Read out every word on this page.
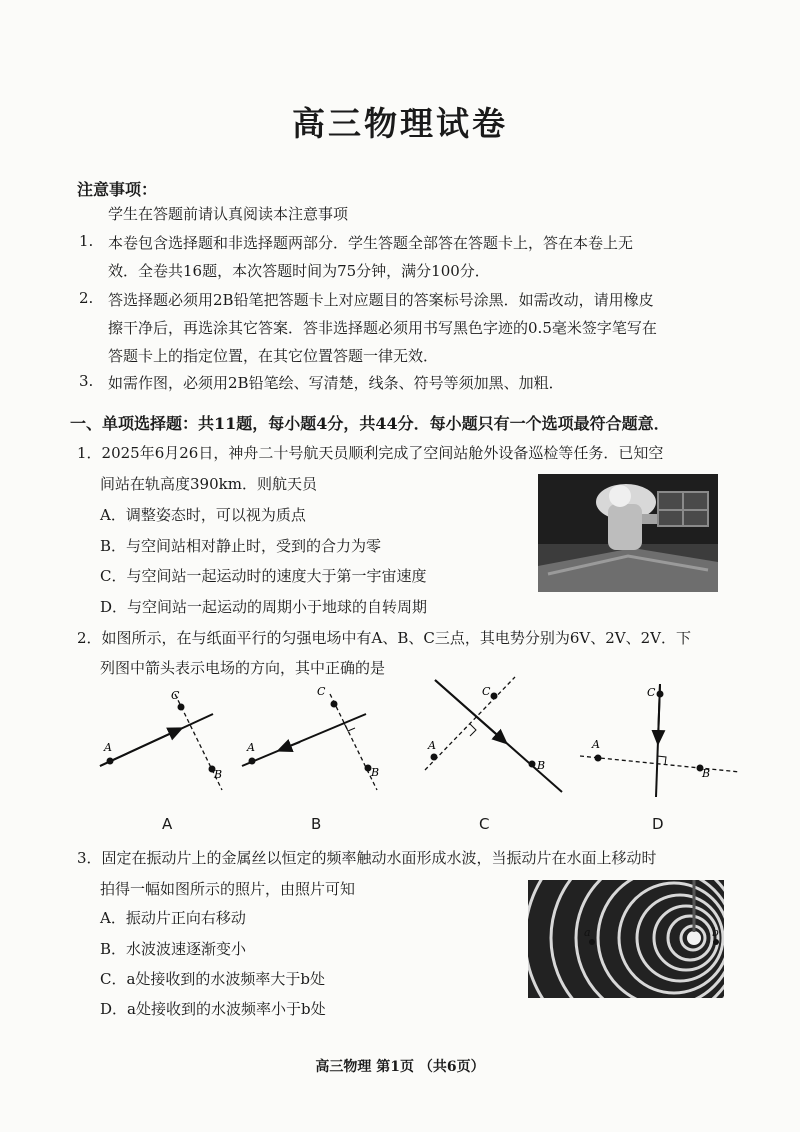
高三物理试卷
注意事项：
学生在答题前请认真阅读本注意事项
1. 本卷包含选择题和非选择题两部分．学生答题全部答在答题卡上，答在本卷上无
效．全卷共16题，本次答题时间为75分钟，满分100分．
2. 答选择题必须用2B铅笔把答题卡上对应题目的答案标号涂黑．如需改动，请用橡皮
擦干净后，再选涂其它答案．答非选择题必须用书写黑色字迹的0.5毫米签字笔写在
答题卡上的指定位置，在其它位置答题一律无效．
3. 如需作图，必须用2B铅笔绘、写清楚，线条、符号等须加黑、加粗．
一、单项选择题：共11题，每小题4分，共44分．每小题只有一个选项最符合题意．
1．2025年6月26日，神舟二十号航天员顺利完成了空间站舱外设备巡检等任务．已知空
间站在轨高度390km．则航天员
A．调整姿态时，可以视为质点
B．与空间站相对静止时，受到的合力为零
C．与空间站一起运动时的速度大于第一宇宙速度
D．与空间站一起运动的周期小于地球的自转周期
2．如图所示，在与纸面平行的匀强电场中有A、B、C三点，其电势分别为6V、2V、2V．下
列图中箭头表示电场的方向，其中正确的是
A
C
B
A
C
B
A
C
B
C
A
B
A	B	C	D
3．固定在振动片上的金属丝以恒定的频率触动水面形成水波，当振动片在水面上移动时
拍得一幅如图所示的照片，由照片可知
A．振动片正向右移动
B．水波波速逐渐变小
C．a处接收到的水波频率大于b处
D．a处接收到的水波频率小于b处
a	b
高三物理 第1页 （共6页）
